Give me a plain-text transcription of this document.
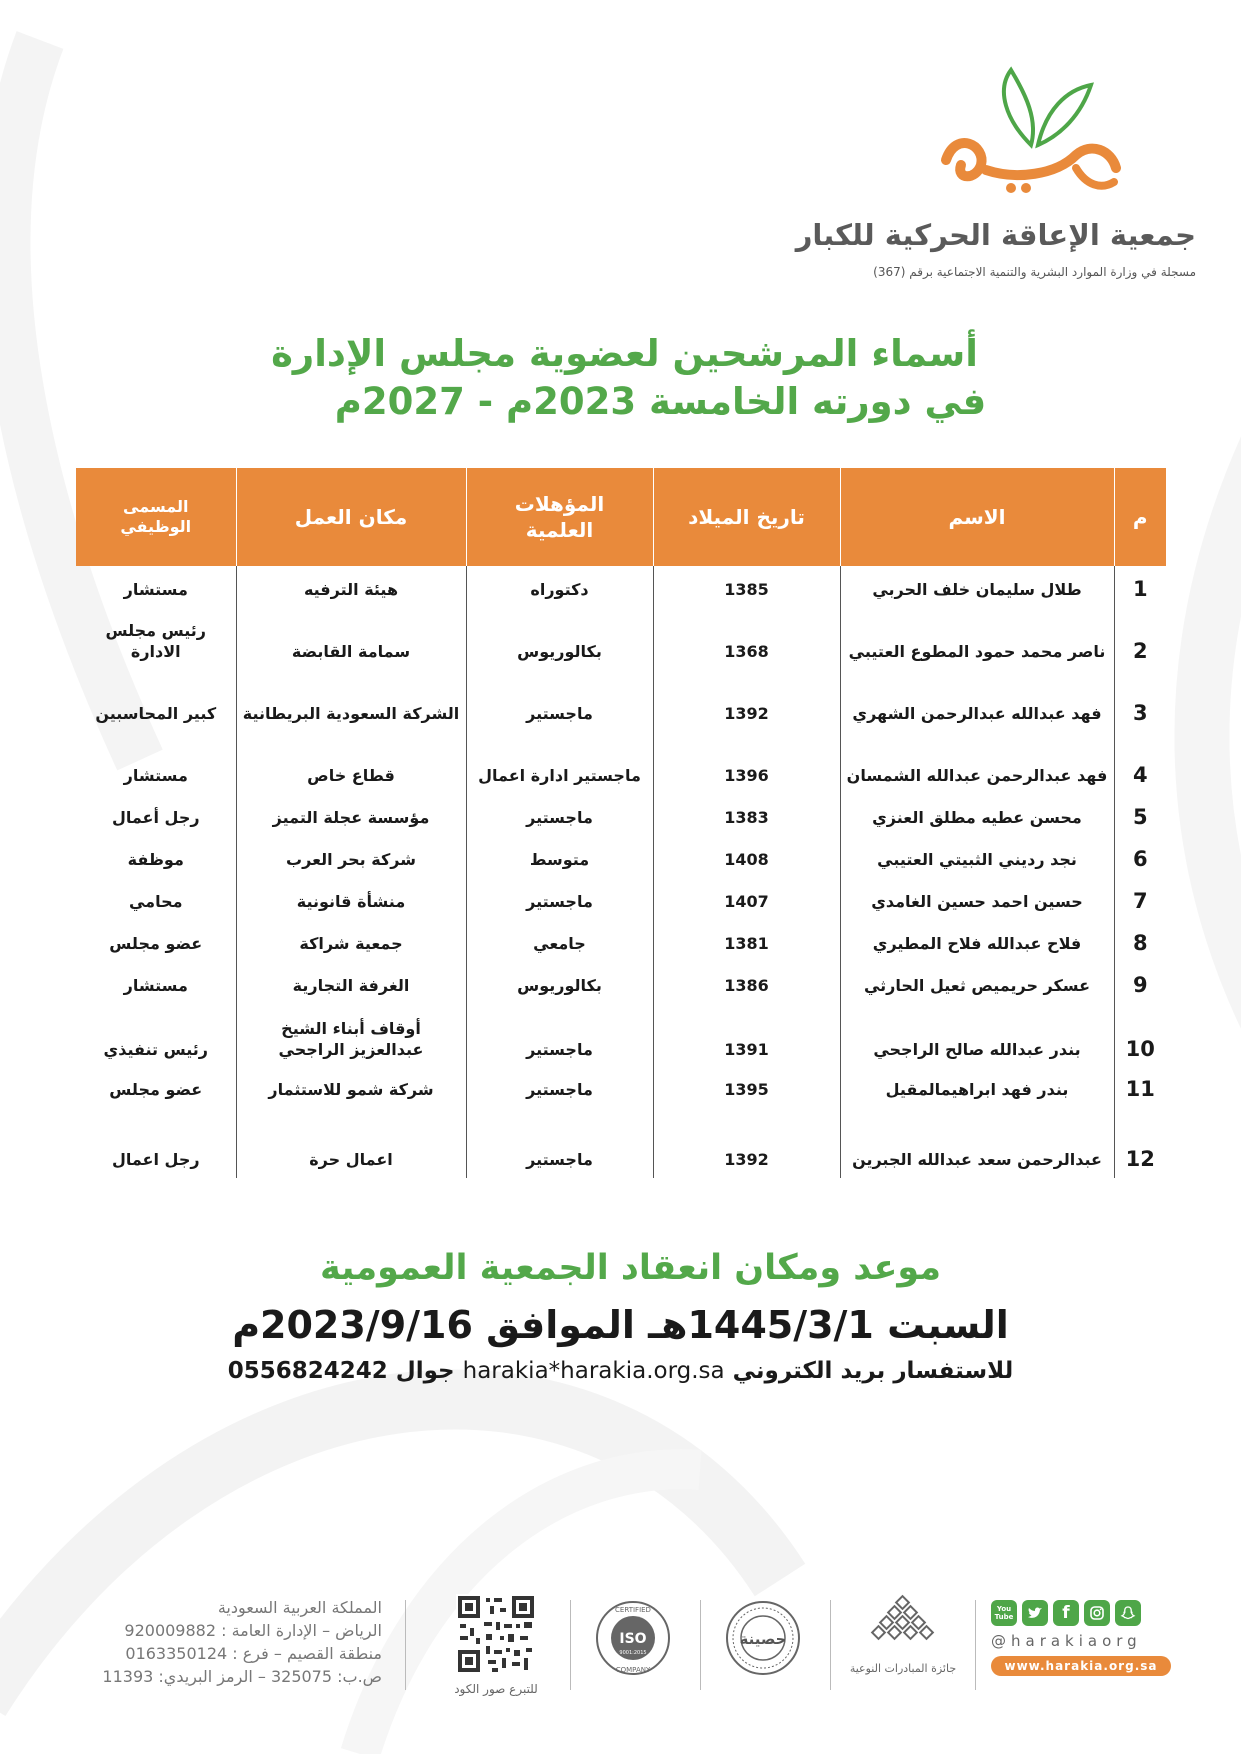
حركية
جمعية الإعاقة الحركية للكبار
مسجلة في وزارة الموارد البشرية والتنمية الاجتماعية برقم (367)
أسماء المرشحين لعضوية مجلس الإدارة
في دورته الخامسة 2023م - 2027م
م	الاسم	تاريخ الميلاد	المؤهلات العلمية	مكان العمل	المسمى الوظيفي
1	طلال سليمان خلف الحربي	1385	دكتوراه	هيئة الترفيه	مستشار
2	ناصر محمد حمود المطوع العتيبي	1368	بكالوريوس	سمامة القابضة	رئيس مجلس الادارة
3	فهد عبدالله عبدالرحمن الشهري	1392	ماجستير	الشركة السعودية البريطانية	كبير المحاسبين
4	فهد عبدالرحمن عبدالله الشمسان	1396	ماجستير ادارة اعمال	قطاع خاص	مستشار
5	محسن عطيه مطلق العنزي	1383	ماجستير	مؤسسة عجلة التميز	رجل أعمال
6	نجد رديني الثبيتي العتيبي	1408	متوسط	شركة بحر العرب	موظفة
7	حسين احمد حسين الغامدي	1407	ماجستير	منشأة قانونية	محامي
8	فلاح عبدالله فلاح المطيري	1381	جامعي	جمعية شراكة	عضو مجلس
9	عسكر حريميص ثعيل الحارثي	1386	بكالوريوس	الغرفة التجارية	مستشار
10	بندر عبدالله صالح الراجحي	1391	ماجستير	أوقاف أبناء الشيخ عبدالعزيز الراجحي	رئيس تنفيذي
11	بندر فهد ابراهيمالمقيل	1395	ماجستير	شركة شمو للاستثمار	عضو مجلس
12	عبدالرحمن سعد عبدالله الجبرين	1392	ماجستير	اعمال حرة	رجل اعمال
موعد ومكان انعقاد الجمعية العمومية
السبت 1445/3/1هـ الموافق 2023/9/16م
للاستفسار بريد الكتروني harakia*harakia.org.sa جوال 0556824242
You Tube	f
@harakiaorg
www.harakia.org.sa
جائزة المبادرات النوعية
حصينة
ISO
9001:2015
CERTIFIED
COMPANY
للتبرع صور الكود
المملكة العربية السعودية
الرياض – الإدارة العامة : 920009882
منطقة القصيم – فرع : 0163350124
ص.ب: 325075 – الرمز البريدي: 11393
